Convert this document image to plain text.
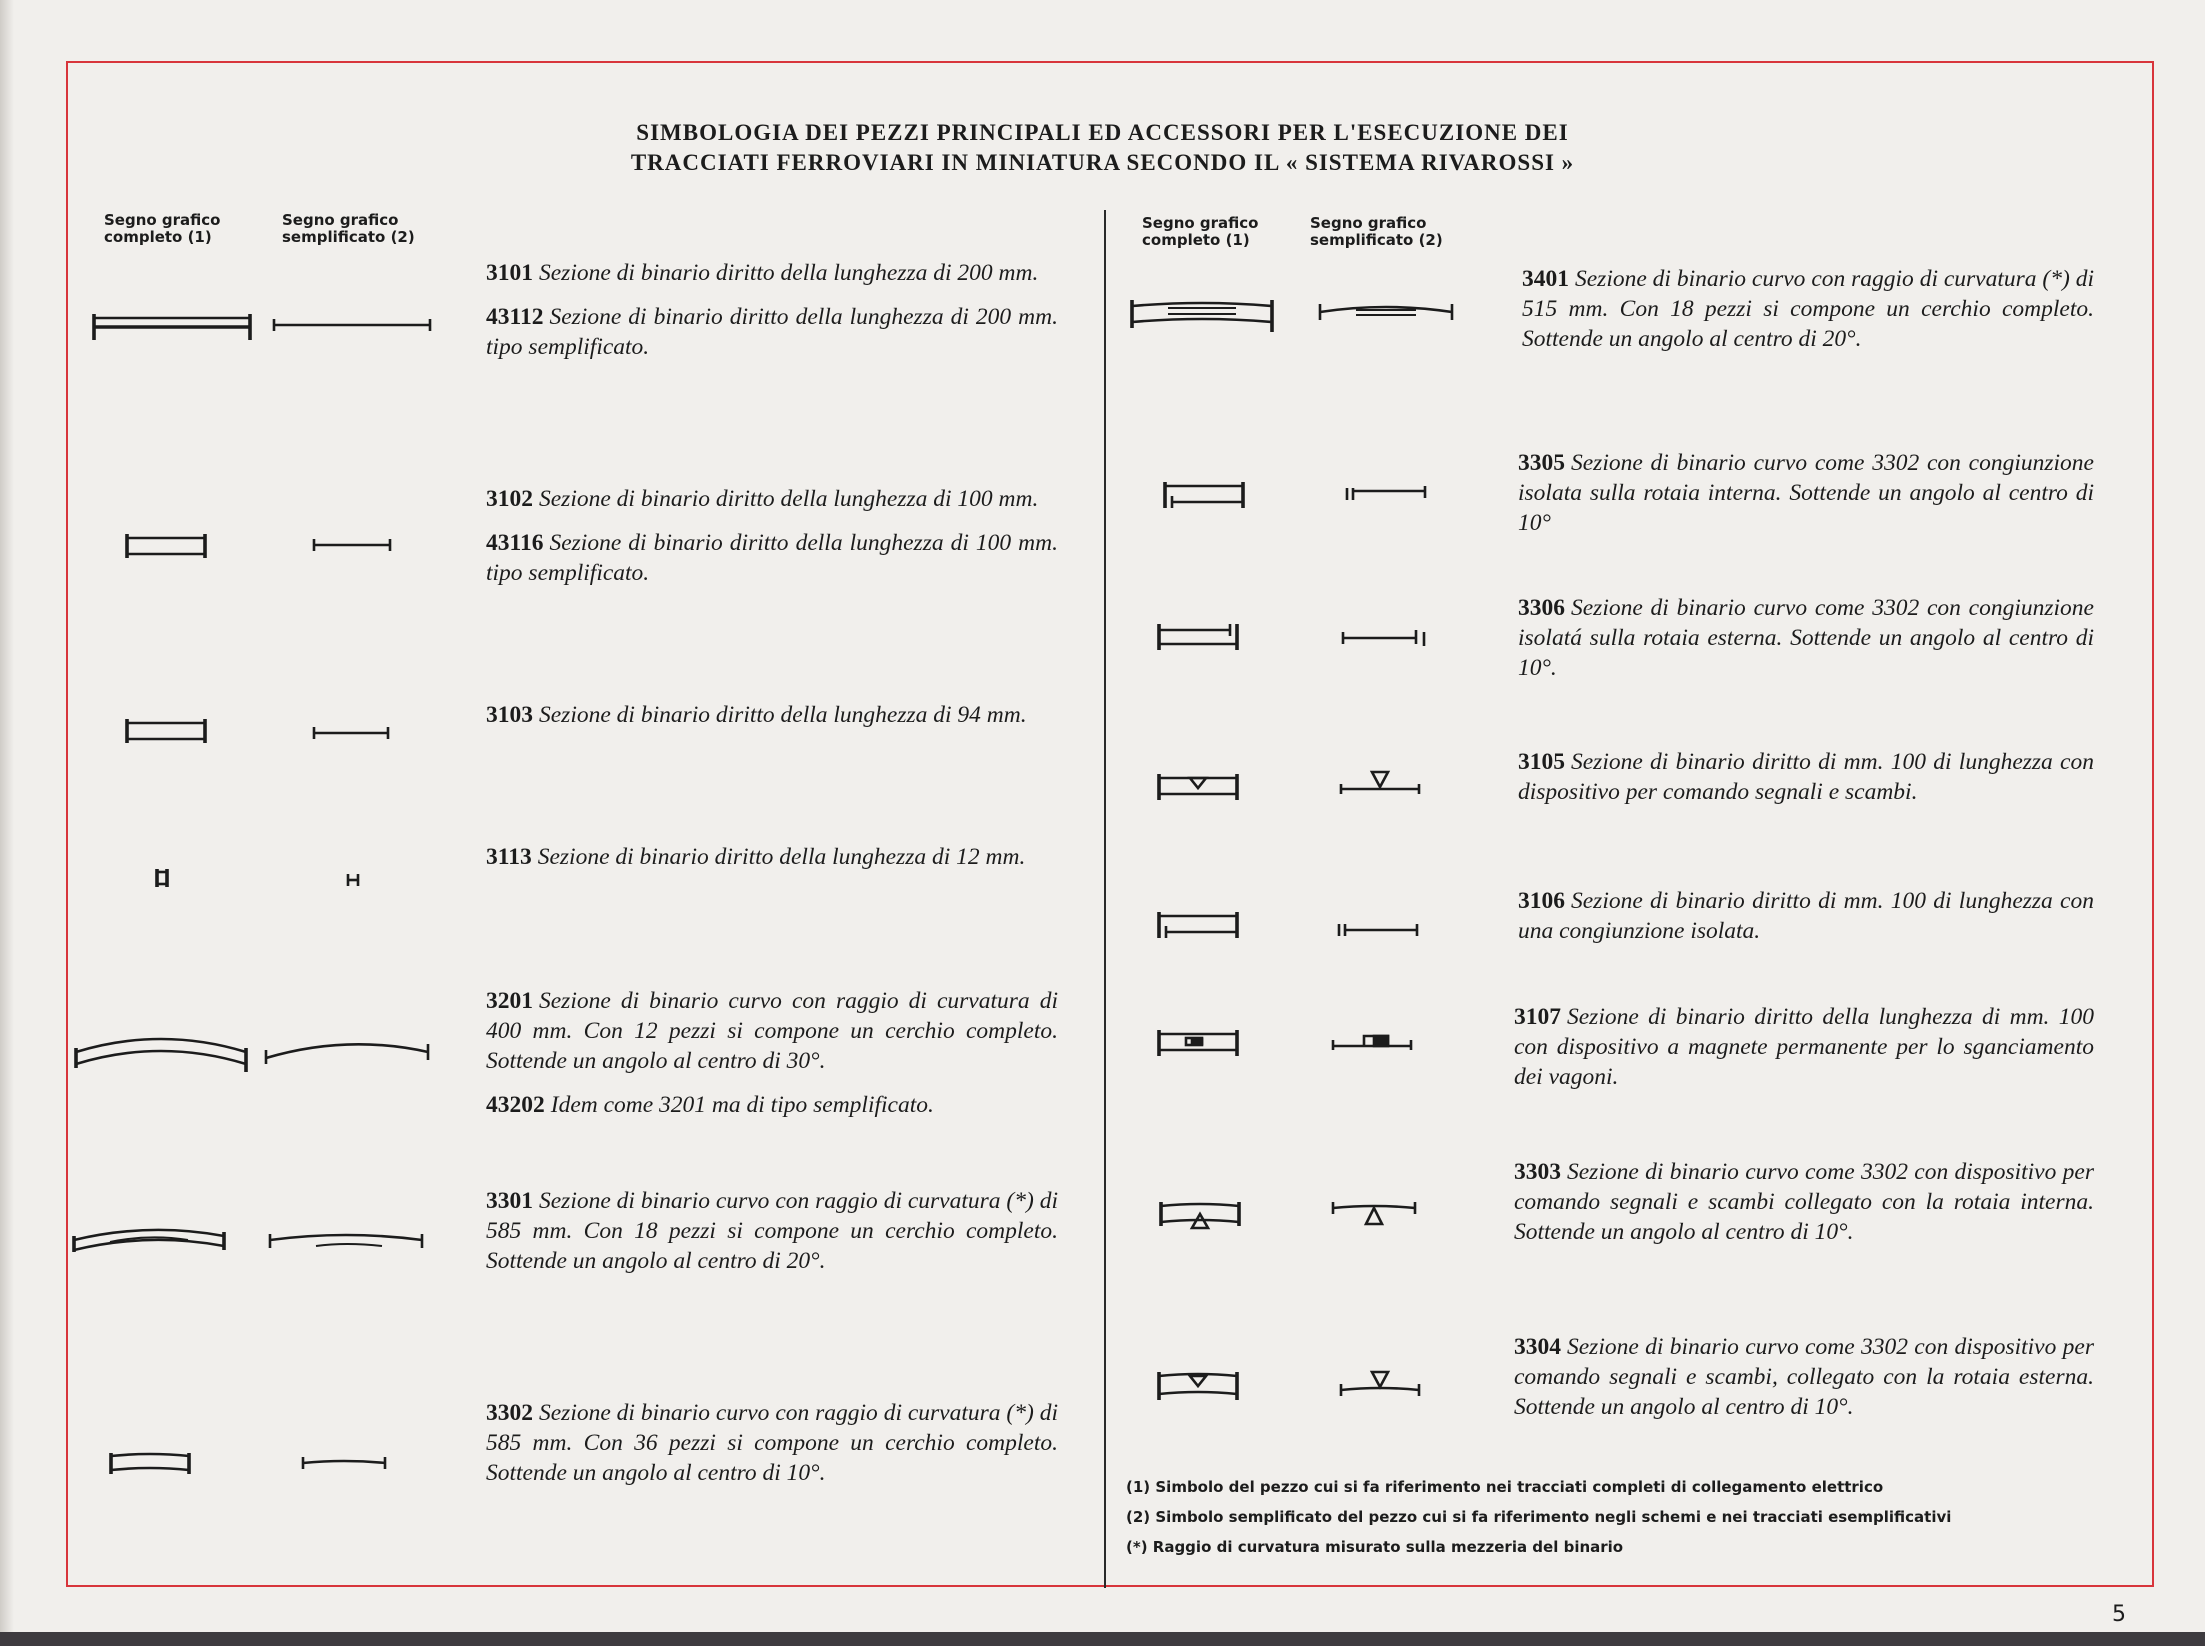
SIMBOLOGIA DEI PEZZI PRINCIPALI ED ACCESSORI PER L'ESECUZIONE DEI
TRACCIATI FERROVIARI IN MINIATURA SECONDO IL « SISTEMA RIVAROSSI »
Segno grafico
completo (1)
Segno grafico
semplificato (2)
Segno grafico
completo (1)
Segno grafico
semplificato (2)

3101 Sezione di binario diritto della lunghezza di 200 mm.

43112 Sezione di binario diritto della lunghezza di 200 mm. tipo semplificato.

3102 Sezione di binario diritto della lunghezza di 100 mm.

43116 Sezione di binario diritto della lunghezza di 100 mm. tipo semplificato.

3103 Sezione di binario diritto della lunghezza di 94 mm.

3113 Sezione di binario diritto della lunghezza di 12 mm.

3201 Sezione di binario curvo con raggio di curvatura di 400 mm. Con 12 pezzi si compone un cerchio completo. Sottende un angolo al centro di 30°.

43202 Idem come 3201 ma di tipo semplificato.

3301 Sezione di binario curvo con raggio di curvatura (*) di 585 mm. Con 18 pezzi si compone un cerchio completo. Sottende un angolo al centro di 20°.

3302 Sezione di binario curvo con raggio di curvatura (*) di 585 mm. Con 36 pezzi si compone un cerchio completo. Sottende un angolo al centro di 10°.

3401 Sezione di binario curvo con raggio di curvatura (*) di 515 mm. Con 18 pezzi si compone un cerchio completo. Sottende un angolo al centro di 20°.

3305 Sezione di binario curvo come 3302 con congiunzione isolata sulla rotaia interna. Sottende un angolo al centro di 10°

3306 Sezione di binario curvo come 3302 con congiunzione isolatá sulla rotaia esterna. Sottende un angolo al centro di 10°.

3105 Sezione di binario diritto di mm. 100 di lunghezza con dispositivo per comando segnali e scambi.

3106 Sezione di binario diritto di mm. 100 di lunghezza con una congiunzione isolata.

3107 Sezione di binario diritto della lunghezza di mm. 100 con dispositivo a magnete permanente per lo sganciamento dei vagoni.

3303 Sezione di binario curvo come 3302 con dispositivo per comando segnali e scambi collegato con la rotaia interna. Sottende un angolo al centro di 10°.

3304 Sezione di binario curvo come 3302 con dispositivo per comando segnali e scambi, collegato con la rotaia esterna. Sottende un angolo al centro di 10°.

(1) Simbolo del pezzo cui si fa riferimento nei tracciati completi di collegamento elettrico
(2) Simbolo semplificato del pezzo cui si fa riferimento negli schemi e nei tracciati esemplificativi
(*) Raggio di curvatura misurato sulla mezzeria del binario
5
